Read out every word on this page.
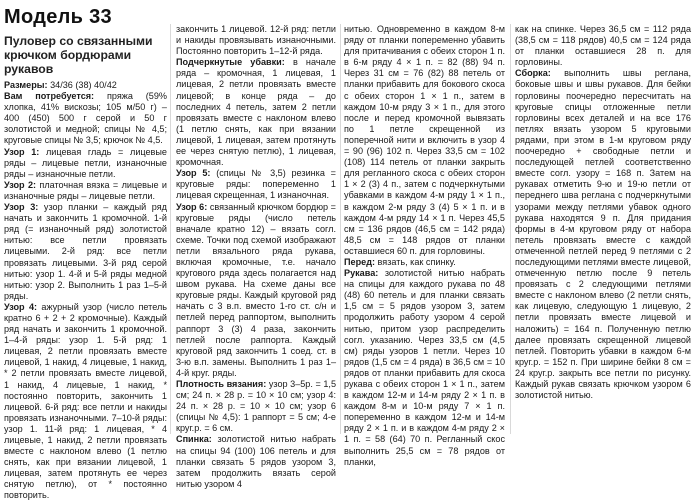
Модель 33
Пуловер со связанными крючком бордюрами рукавов

Размеры: 34/36 (38) 40/42

Вам потребуется: пряжа (59% хлопка, 41% вискозы; 105 м/50 г) – 400 (450) 500 г серой и 50 г золотистой и медной; спицы № 4,5; круговые спицы № 3,5; крючок № 4,5.

Узор 1: лицевая гладь = лицевые ряды – лицевые петли, изнаночные ряды – изнаночные петли.

Узор 2: платочная вязка = лицевые и изнаночные ряды – лицевые петли.

Узор 3: узор планки – каждый ряд начать и закончить 1 кромочной. 1-й ряд (= изнаночный ряд) золотистой нитью: все петли провязать лицевыми. 2-й ряд: все петли провязать лицевыми. 3-й ряд серой нитью: узор 1. 4-й и 5-й ряды медной нитью: узор 2. Выполнить 1 раз 1–5-й ряды.

Узор 4: ажурный узор (число петель кратно 6 + 2 + 2 кромочные). Каждый ряд начать и закончить 1 кромочной. 1–4-й ряды: узор 1. 5-й ряд: 1 лицевая, 2 петли провязать вместе лицевой, 1 накид, 4 лицевые, 1 накид, * 2 петли провязать вместе лицевой, 1 накид, 4 лицевые, 1 накид, * постоянно повторить, закончить 1 лицевой. 6-й ряд: все петли и накиды провязать изнаночными. 7–10-й ряды: узор 1. 11-й ряд: 1 лицевая, * 4 лицевые, 1 накид, 2 петли провязать вместе с наклоном влево (1 петлю снять, как при вязании лицевой, 1 лицевая, затем протянуть ее через снятую петлю), от * постоянно повторить.

закончить 1 лицевой. 12-й ряд: петли и накиды провязывать изнаночными. Постоянно повторить 1–12-й ряда.

Подчеркнутые убавки: в начале ряда – кромочная, 1 лицевая, 1 лицевая, 2 петли провязать вместе лицевой; в конце ряда – до последних 4 петель, затем 2 петли провязать вместе с наклоном влево (1 петлю снять, как при вязании лицевой, 1 лицевая, затем протянуть ее через снятую петлю), 1 лицевая, кромочная.

Узор 5: (спицы № 3,5) резинка = круговые ряды: попеременно 1 лицевая скрещенная, 1 изнаночная.

Узор 6: связанный крючком бордюр = круговые ряды (число петель вначале кратно 12) – вязать согл. схеме. Точки под схемой изображают петли вязального ряда рукава, включая кромочные, т.е. начало кругового ряда здесь полагается над швом рукава. На схеме даны все круговые ряды. Каждый круговой ряд начать с 3 в.п. вместо 1-го ст. с/н и петлей перед раппортом, выполнить раппорт 3 (3) 4 раза, закончить петлей после раппорта. Каждый круговой ряд закончить 1 соед. ст. в 3-ю в.п. замены. Выполнить 1 раз 1–4-й круг. ряды.

Плотность вязания: узор 3–5р. = 1,5 см; 24 п. × 28 р. = 10 × 10 см; узор 4: 24 п. × 28 р. = 10 × 10 см; узор 6 (спицы № 4,5): 1 раппорт = 5 см; 4-е круг.р. = 6 см.

Спинка: золотистой нитью набрать на спицы 94 (100) 106 петель и для планки связать 5 рядов узором 3, затем продолжить вязать серой нитью узором 4

нитью. Одновременно в каждом 8-м ряду от планки попеременно убавить для притачивания с обеих сторон 1 п. в 6-м ряду 4 × 1 п. = 82 (88) 94 п. Через 31 см = 76 (82) 88 петель от планки прибавить для бокового скоса с обеих сторон 1 × 1 п., затем в каждом 10-м ряду 3 × 1 п., для этого после и перед кромочной вывязать по 1 петле скрещенной из поперечной нити и включить в узор 4 = 90 (96) 102 п. Через 33,5 см = 102 (108) 114 петель от планки закрыть для регланного скоса с обеих сторон 1 × 2 (3) 4 п., затем с подчеркнутыми убавками в каждом 4-м ряду 1 × 1 п., в каждом 2-м ряду 3 (4) 5 × 1 п. и в каждом 4-м ряду 14 × 1 п. Через 45,5 см = 136 рядов (46,5 см = 142 ряда) 48,5 см = 148 рядов от планки оставшиеся 60 п. для горловины.

Перед: вязать, как спинку.

Рукава: золотистой нитью набрать на спицы для каждого рукава по 48 (48) 60 петель и для планки связать 1,5 см = 5 рядов узором 3, затем продолжить работу узором 4 серой нитью, притом узор распределить согл. указанию. Через 33,5 см (4,5 см) ряды узоров 1 петли. Через 10 рядов (1,5 см = 4 ряда) в 36,5 см = 10 рядов от планки прибавить для скоса рукава с обеих сторон 1 × 1 п., затем в каждом 12-м и 14-м ряду 2 × 1 п. в каждом 8-м и 10-м ряду 7 × 1 п. попеременно в каждом 12-м и 14-м ряду 2 × 1 п. и в каждом 4-м ряду 2 × 1 п. = 58 (64) 70 п. Регланный скос выполнить 25,5 см = 78 рядов от планки,

как на спинке. Через 36,5 см = 112 ряда (38,5 см = 118 рядов) 40,5 см = 124 ряда от планки оставшиеся 28 п. для горловины.

Сборка: выполнить швы реглана, боковые швы и швы рукавов. Для бейки горловины поочередно пересчитать на круговые спицы отложенные петли горловины всех деталей и на все 176 петлях вязать узором 5 круговыми рядами, при этом в 1-м круговом ряду поочередно + свободные петли и последующей петлей соответственно вместе согл. узору = 168 п. Затем на рукавах отметить 9-ю и 19-ю петли от переднего шва реглана с подчеркнутыми узорами между петлями убавок одного рукава находятся 9 п. Для придания формы в 4-м круговом ряду от набора петель провязать вместе с каждой отмеченной петлей перед 9 петлями с 2 последующими петлями вместе лицевой, отмеченную петлю после 9 петель провязать с 2 следующими петлями вместе с наклоном влево (2 петли снять, как лицевую, следующую 1 лицевую, 2 петли провязать вместе лицевой и наложить) = 164 п. Полученную петлю далее провязать скрещенной лицевой петлей. Повторить убавки в каждом 6-м круг.р. = 152 п. При ширине бейки 8 см = 24 круг.р. закрыть все петли по рисунку. Каждый рукав связать крючком узором 6 золотистой нитью.
